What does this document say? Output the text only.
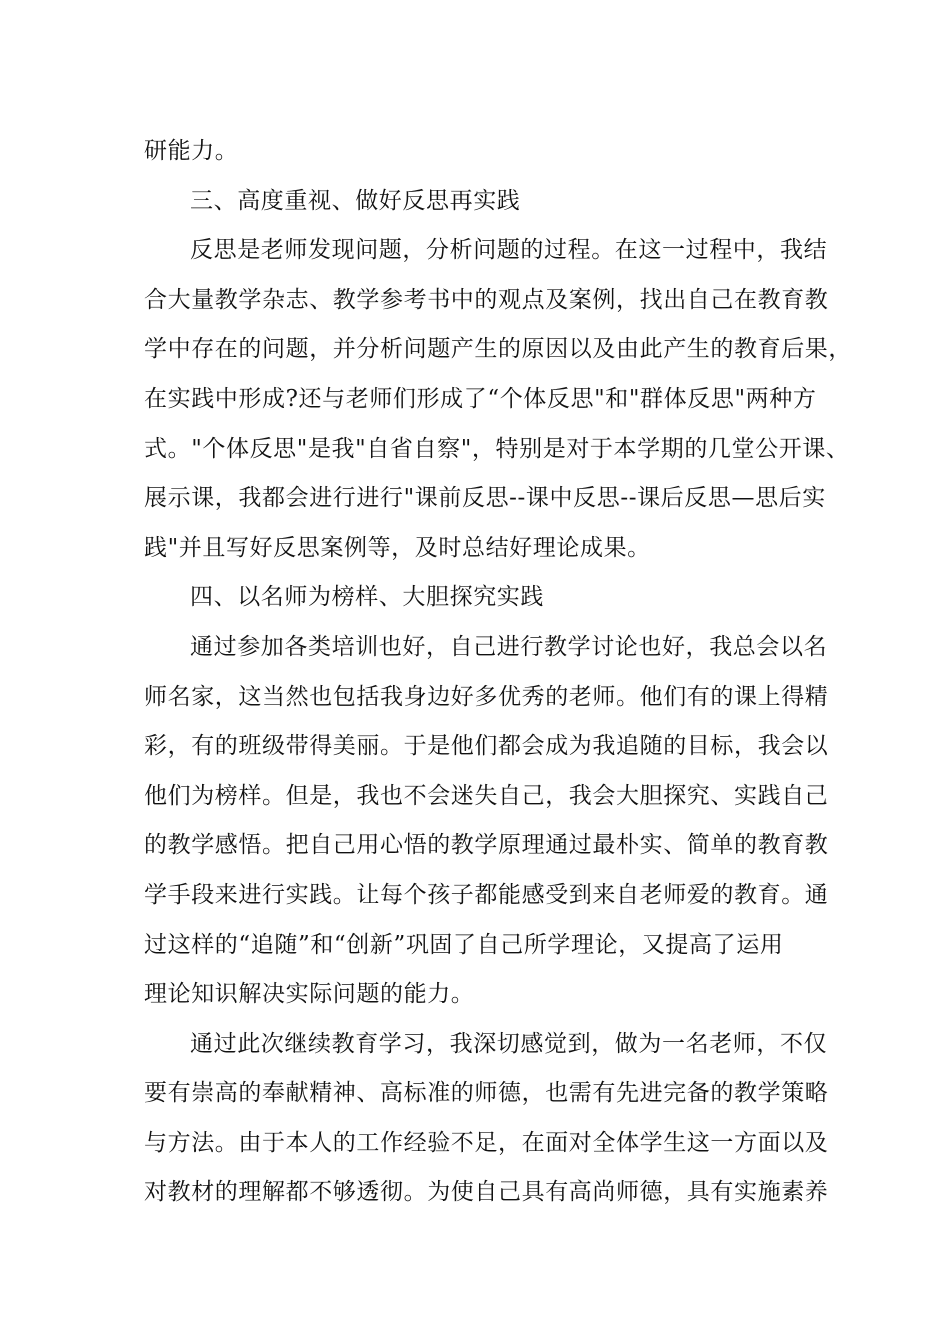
研能力。
三、高度重视、做好反思再实践
反思是老师发现问题，分析问题的过程。在这一过程中，我结
合大量教学杂志、教学参考书中的观点及案例，找出自己在教育教
学中存在的问题，并分析问题产生的原因以及由此产生的教育后果，
在实践中形成?还与老师们形成了“个体反思"和"群体反思"两种方
式。"个体反思"是我"自省自察"，特别是对于本学期的几堂公开课、
展示课，我都会进行进行"课前反思--课中反思--课后反思—思后实
践"并且写好反思案例等，及时总结好理论成果。
四、以名师为榜样、大胆探究实践
通过参加各类培训也好，自己进行教学讨论也好，我总会以名
师名家，这当然也包括我身边好多优秀的老师。他们有的课上得精
彩，有的班级带得美丽。于是他们都会成为我追随的目标，我会以
他们为榜样。但是，我也不会迷失自己，我会大胆探究、实践自己
的教学感悟。把自己用心悟的教学原理通过最朴实、简单的教育教
学手段来进行实践。让每个孩子都能感受到来自老师爱的教育。通
过这样的“追随”和“创新”巩固了自己所学理论，又提高了运用
理论知识解决实际问题的能力。
通过此次继续教育学习，我深切感觉到，做为一名老师，不仅
要有崇高的奉献精神、高标准的师德，也需有先进完备的教学策略
与方法。由于本人的工作经验不足，在面对全体学生这一方面以及
对教材的理解都不够透彻。为使自己具有高尚师德，具有实施素养
